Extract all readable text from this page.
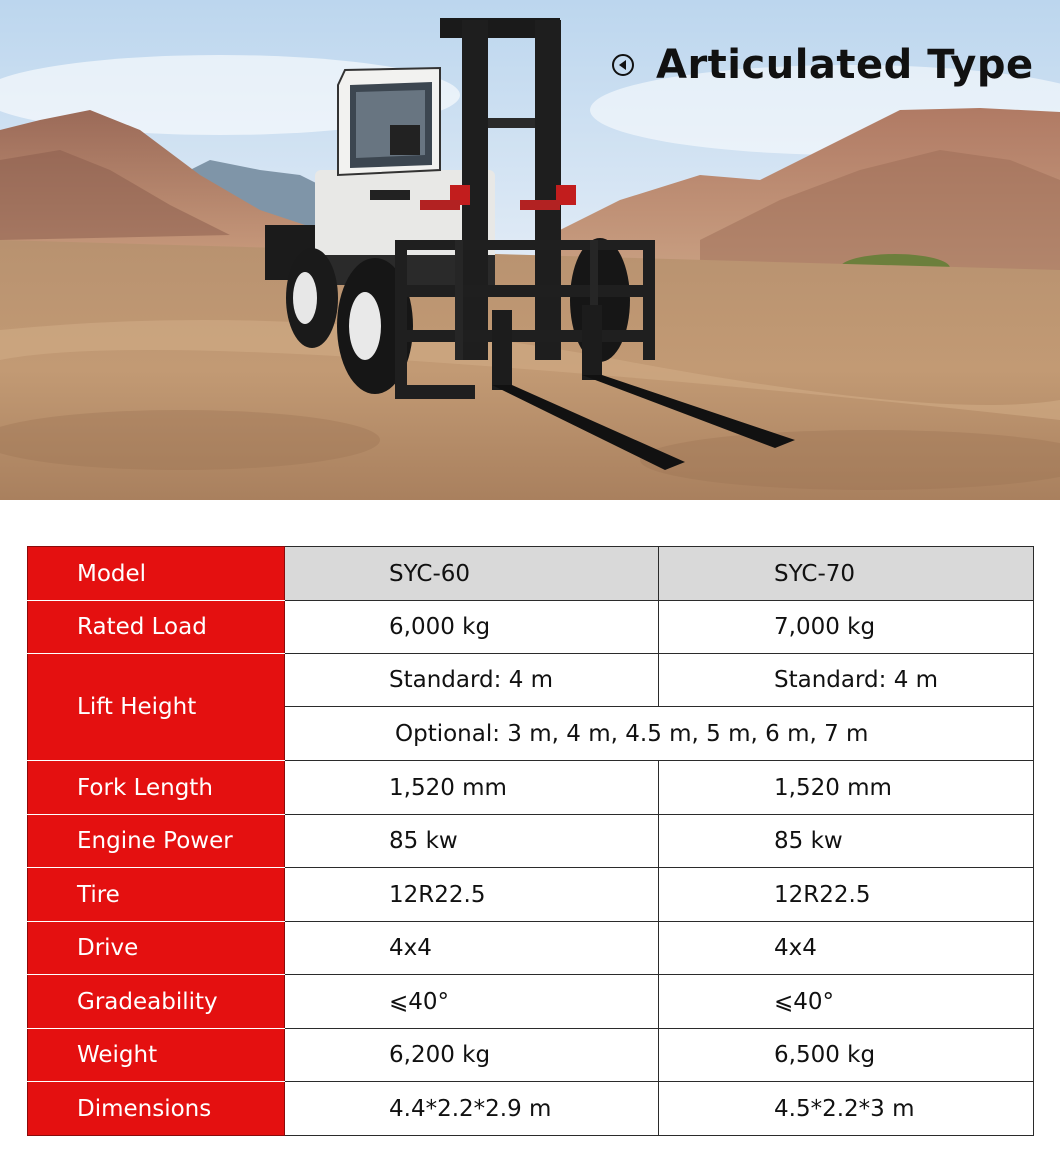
Articulated Type
Model	SYC-60	SYC-70
Rated Load	6,000 kg	7,000 kg
Lift Height	Standard: 4 m	Standard: 4 m
	Optional: 3 m, 4 m, 4.5 m, 5 m, 6 m, 7 m	
Fork Length	1,520 mm	1,520 mm
Engine Power	85 kw	85 kw
Tire	12R22.5	12R22.5
Drive	4x4	4x4
Gradeability	⩽40°	⩽40°
Weight	6,200 kg	6,500 kg
Dimensions	4.4*2.2*2.9 m	4.5*2.2*3 m
